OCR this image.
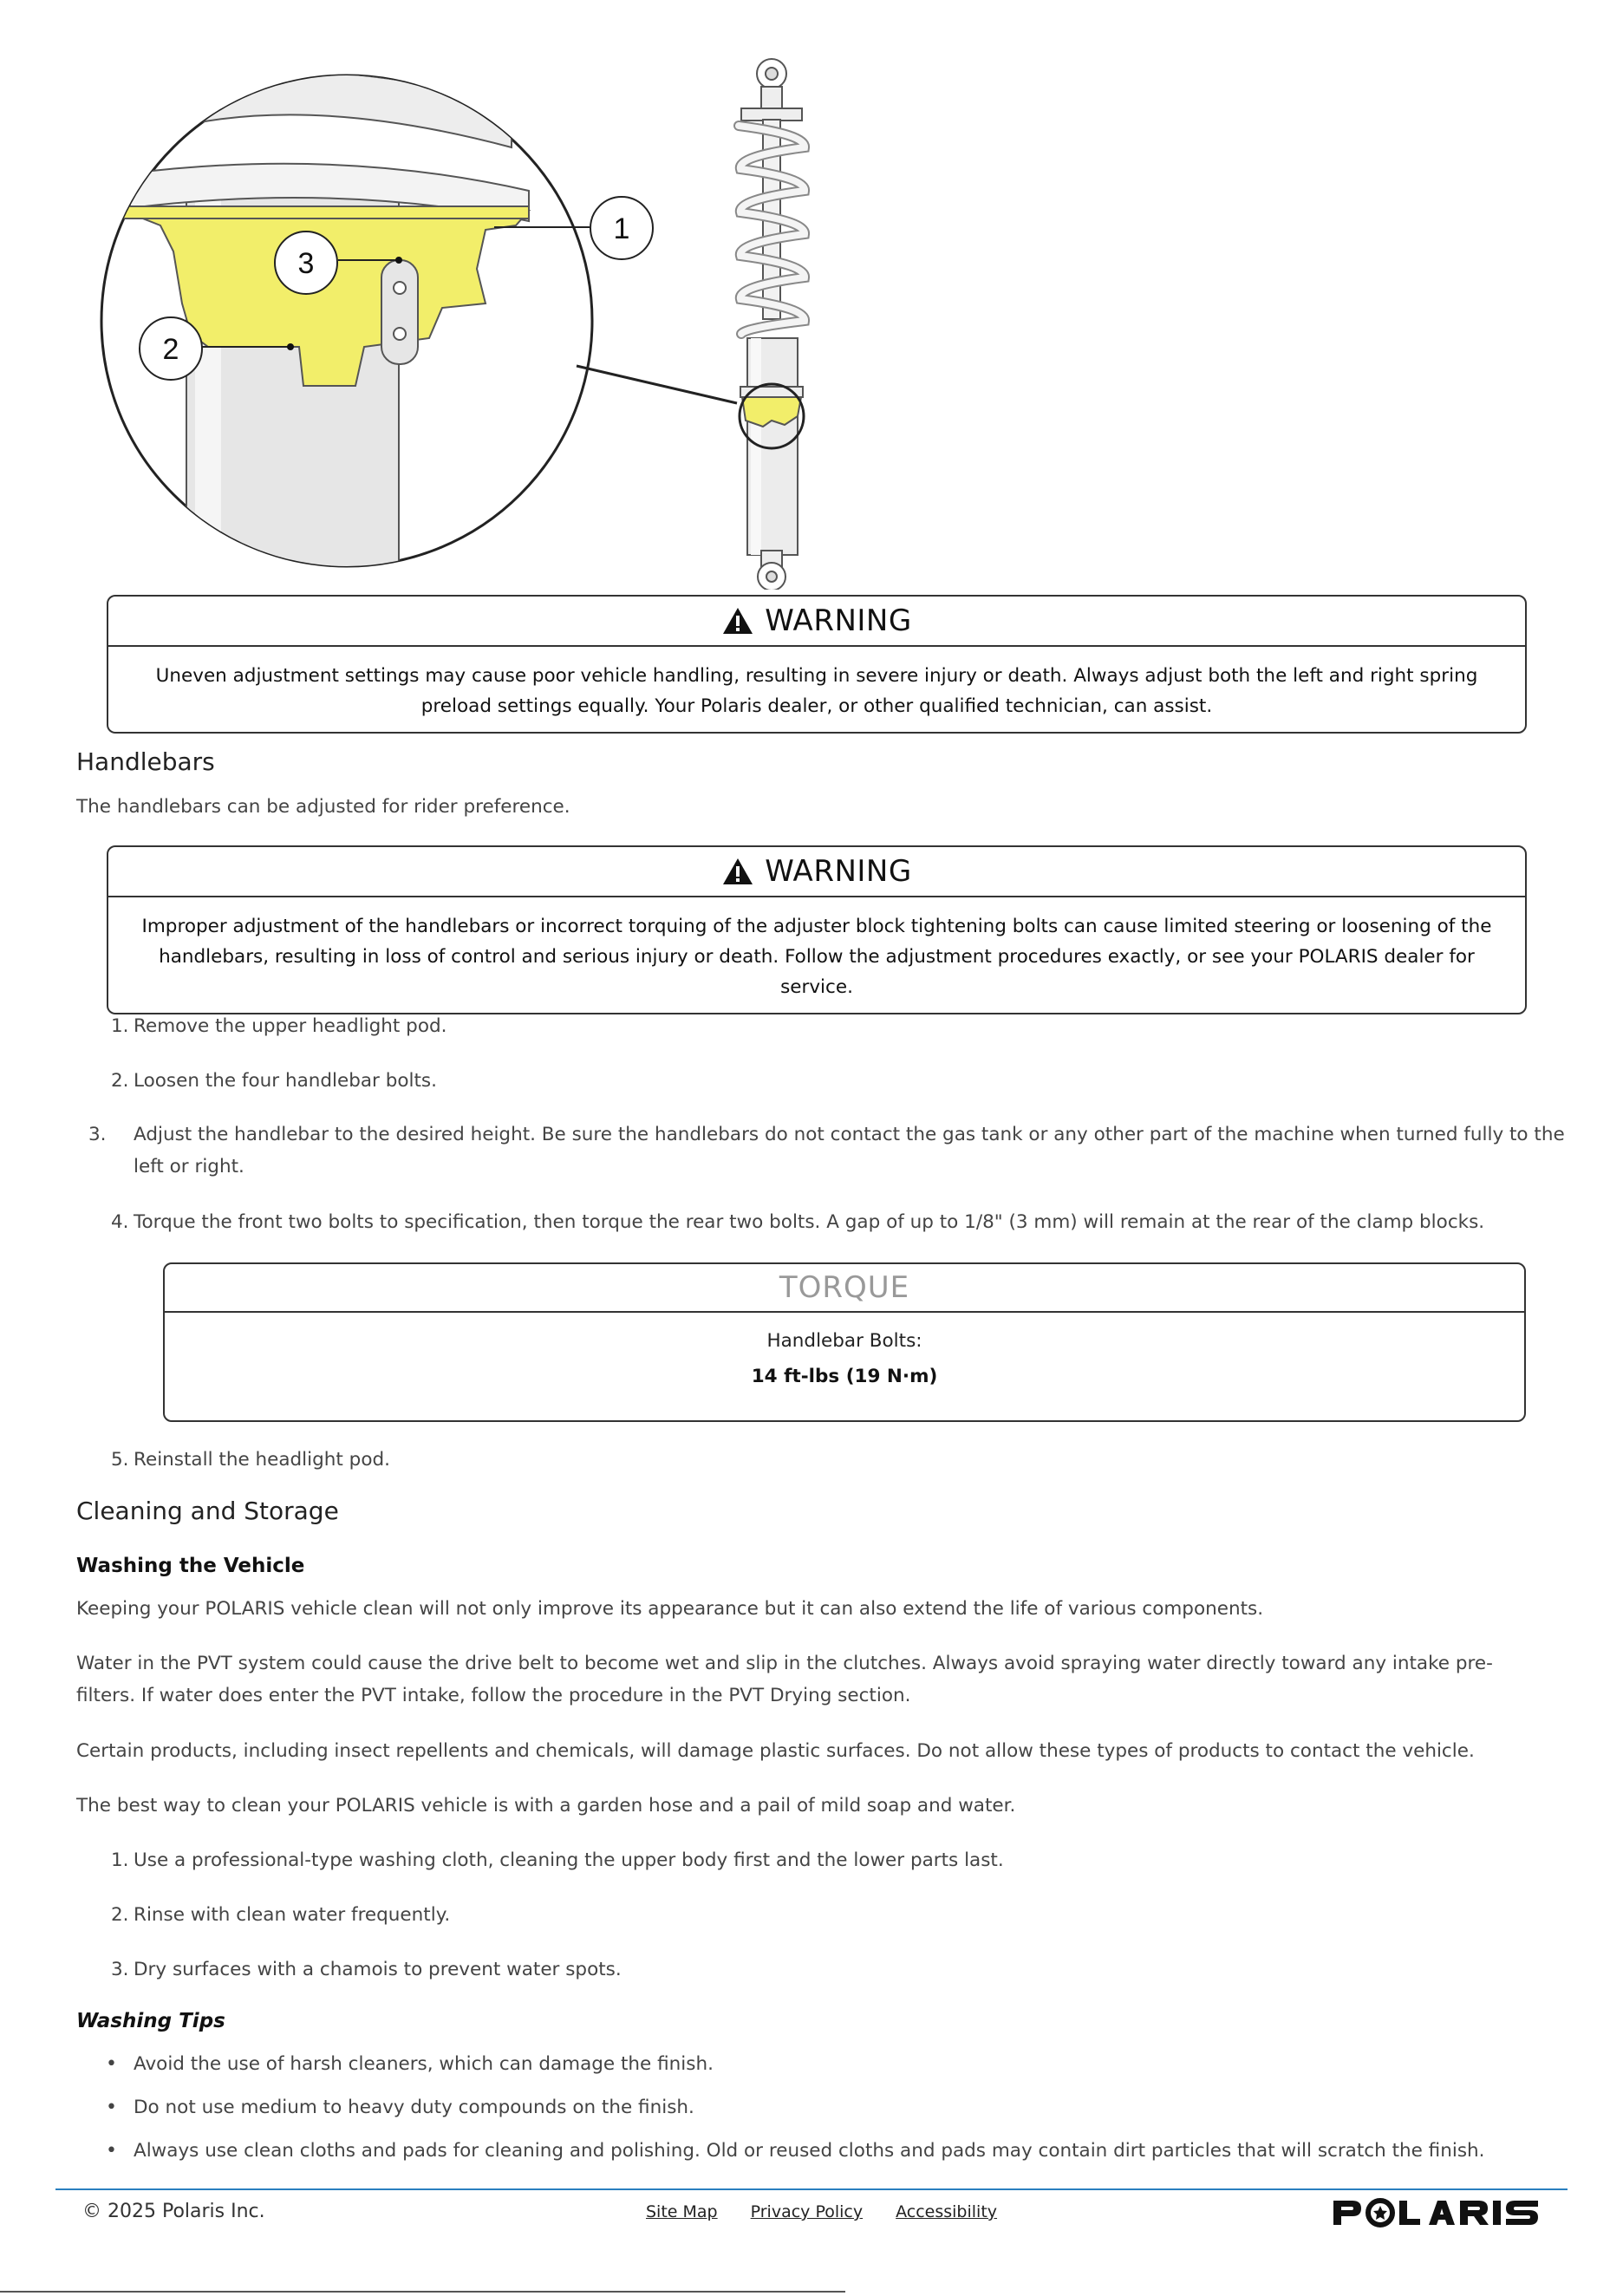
1
3
2
WARNING
Uneven adjustment settings may cause poor vehicle handling, resulting in severe injury or death. Always adjust both the left and right spring preload settings equally. Your Polaris dealer, or other qualified technician, can assist.
Handlebars
The handlebars can be adjusted for rider preference.
WARNING
Improper adjustment of the handlebars or incorrect torquing of the adjuster block tightening bolts can cause limited steering or loosening of the handlebars, resulting in loss of control and serious injury or death. Follow the adjustment procedures exactly, or see your POLARIS dealer for service.
1. Remove the upper headlight pod.
2. Loosen the four handlebar bolts.
3. Adjust the handlebar to the desired height. Be sure the handlebars do not contact the gas tank or any other part of the machine when turned fully to the left or right.
4. Torque the front two bolts to specification, then torque the rear two bolts. A gap of up to 1/8" (3 mm) will remain at the rear of the clamp blocks.
TORQUE
Handlebar Bolts:
14 ft-lbs (19 N·m)
5. Reinstall the headlight pod.
Cleaning and Storage
Washing the Vehicle
Keeping your POLARIS vehicle clean will not only improve its appearance but it can also extend the life of various components.
Water in the PVT system could cause the drive belt to become wet and slip in the clutches. Always avoid spraying water directly toward any intake pre-filters. If water does enter the PVT intake, follow the procedure in the PVT Drying section.
Certain products, including insect repellents and chemicals, will damage plastic surfaces. Do not allow these types of products to contact the vehicle.
The best way to clean your POLARIS vehicle is with a garden hose and a pail of mild soap and water.
1. Use a professional-type washing cloth, cleaning the upper body first and the lower parts last.
2. Rinse with clean water frequently.
3. Dry surfaces with a chamois to prevent water spots.
Washing Tips
• Avoid the use of harsh cleaners, which can damage the finish.
• Do not use medium to heavy duty compounds on the finish.
• Always use clean cloths and pads for cleaning and polishing. Old or reused cloths and pads may contain dirt particles that will scratch the finish.
© 2025 Polaris Inc.	Site Map Privacy Policy Accessibility
